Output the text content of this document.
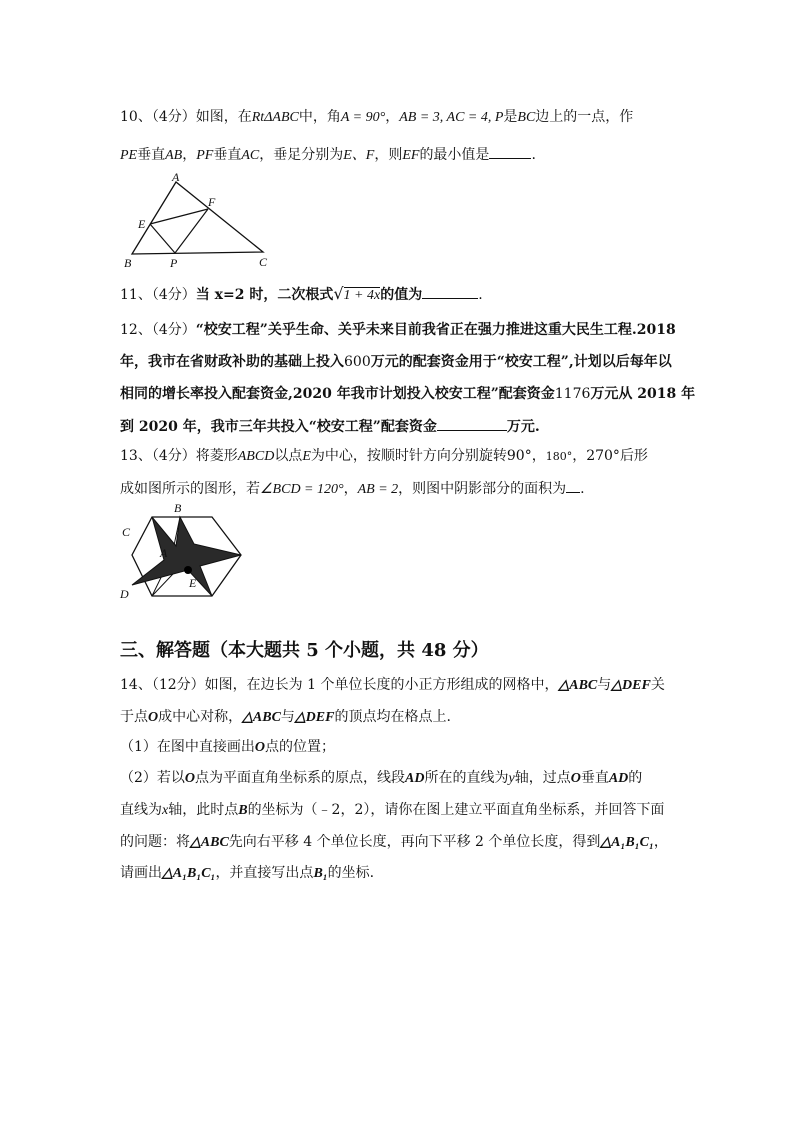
10、（4分）如图，在RtΔABC中，角A = 90°，AB = 3, AC = 4, P是BC边上的一点，作
PE垂直AB，PF垂直AC，垂足分别为E、F，则EF的最小值是	.
A
B	C
E
F
P
11、（4分）当 x=2 时，二次根式√1 + 4x的值为	.
12、（4分）“校安工程”关乎生命、关乎未来目前我省正在强力推进这重大民生工程.2018
年，我市在省财政补助的基础上投入600万元的配套资金用于“校安工程”,计划以后每年以
相同的增长率投入配套资金,2020 年我市计划投入校安工程”配套资金1176万元从 2018 年
到 2020 年，我市三年共投入“校安工程”配套资金	万元.
13、（4分）将菱形ABCD以点E为中心，按顺时针方向分别旋转90°，180°，270°后形
成如图所示的图形，若∠BCD = 120°，AB = 2，则图中阴影部分的面积为 .
B
C
D
A
E
三、解答题（本大题共 5 个小题，共 48 分）
14、（12分）如图，在边长为 1 个单位长度的小正方形组成的网格中，△ABC与△DEF关
于点O成中心对称，△ABC与△DEF的顶点均在格点上.
（1）在图中直接画出O点的位置；
（2）若以O点为平面直角坐标系的原点，线段AD所在的直线为y轴，过点O垂直AD的
直线为x轴，此时点B的坐标为（﹣2，2），请你在图上建立平面直角坐标系，并回答下面
的问题：将△ABC先向右平移 4 个单位长度，再向下平移 2 个单位长度，得到△A₁B₁C₁，
请画出△A₁B₁C₁，并直接写出点B₁的坐标.
